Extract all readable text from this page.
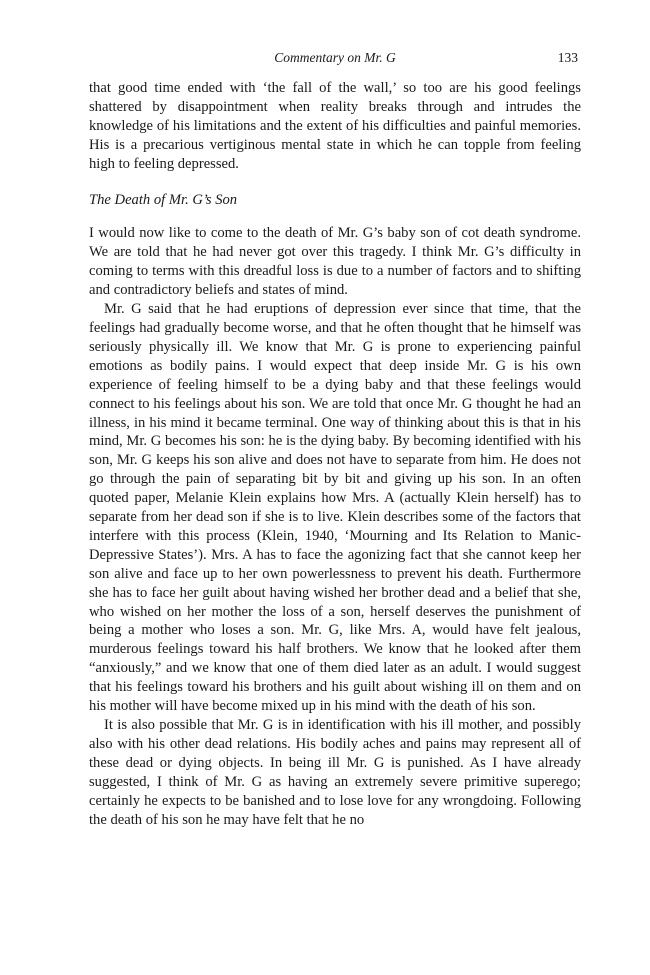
Commentary on Mr. G	133

that good time ended with ‘the fall of the wall,’ so too are his good feelings shattered by disappointment when reality breaks through and intrudes the knowledge of his limitations and the extent of his difficulties and painful memories. His is a precarious vertiginous mental state in which he can topple from feeling high to feeling depressed.

The Death of Mr. G’s Son

I would now like to come to the death of Mr. G’s baby son of cot death syndrome. We are told that he had never got over this tragedy. I think Mr. G’s difficulty in coming to terms with this dreadful loss is due to a number of factors and to shifting and contradictory beliefs and states of mind.

Mr. G said that he had eruptions of depression ever since that time, that the feelings had gradually become worse, and that he often thought that he himself was seriously physically ill. We know that Mr. G is prone to experiencing painful emotions as bodily pains. I would expect that deep inside Mr. G is his own experience of feeling himself to be a dying baby and that these feelings would connect to his feelings about his son. We are told that once Mr. G thought he had an illness, in his mind it became terminal. One way of thinking about this is that in his mind, Mr. G becomes his son: he is the dying baby. By becoming identified with his son, Mr. G keeps his son alive and does not have to separate from him. He does not go through the pain of separating bit by bit and giving up his son. In an often quoted paper, Melanie Klein explains how Mrs. A (actually Klein herself) has to separate from her dead son if she is to live. Klein describes some of the factors that interfere with this process (Klein, 1940, ‘Mourning and Its Relation to Manic-Depressive States’). Mrs. A has to face the agonizing fact that she cannot keep her son alive and face up to her own powerlessness to prevent his death. Furthermore she has to face her guilt about having wished her brother dead and a belief that she, who wished on her mother the loss of a son, herself deserves the punishment of being a mother who loses a son. Mr. G, like Mrs. A, would have felt jealous, murderous feelings toward his half brothers. We know that he looked after them “anxiously,” and we know that one of them died later as an adult. I would suggest that his feelings toward his brothers and his guilt about wishing ill on them and on his mother will have become mixed up in his mind with the death of his son.

It is also possible that Mr. G is in identification with his ill mother, and possibly also with his other dead relations. His bodily aches and pains may represent all of these dead or dying objects. In being ill Mr. G is punished. As I have already suggested, I think of Mr. G as having an extremely severe primitive superego; certainly he expects to be banished and to lose love for any wrongdoing. Following the death of his son he may have felt that he no
